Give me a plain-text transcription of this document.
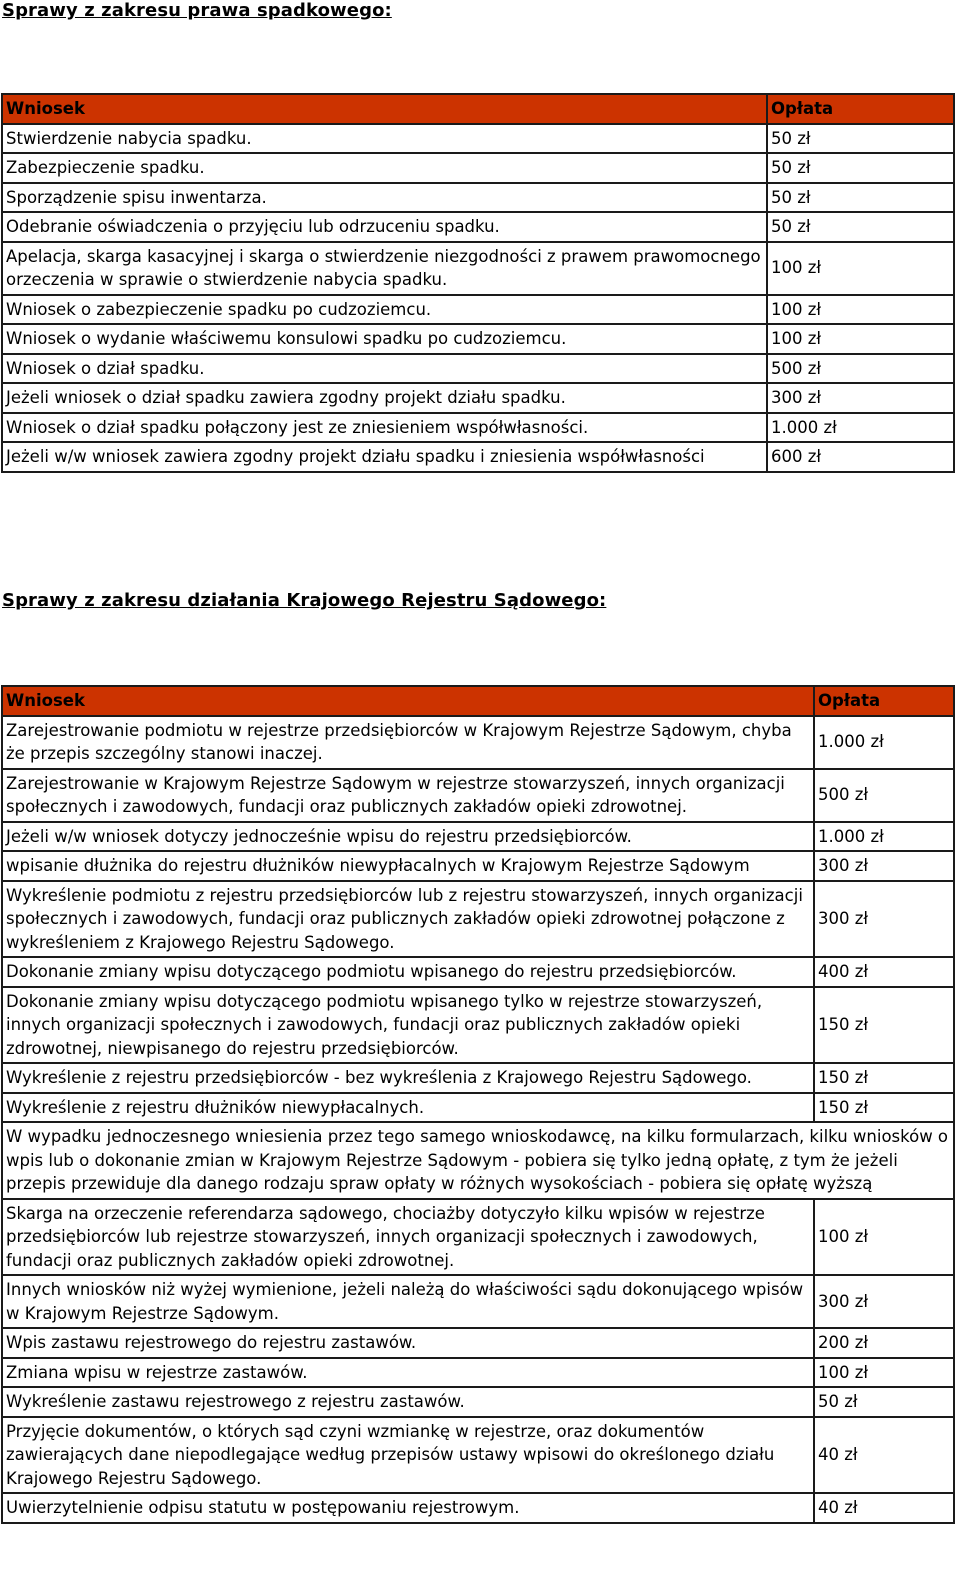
Sprawy z zakresu prawa spadkowego:
Wniosek	Opłata
Stwierdzenie nabycia spadku.	50 zł
Zabezpieczenie spadku.	50 zł
Sporządzenie spisu inwentarza.	50 zł
Odebranie oświadczenia o przyjęciu lub odrzuceniu spadku.	50 zł
Apelacja, skarga kasacyjnej i skarga o stwierdzenie niezgodności z prawem prawomocnego orzeczenia w sprawie o stwierdzenie nabycia spadku.	100 zł
Wniosek o zabezpieczenie spadku po cudzoziemcu.	100 zł
Wniosek o wydanie właściwemu konsulowi spadku po cudzoziemcu.	100 zł
Wniosek o dział spadku.	500 zł
Jeżeli wniosek o dział spadku zawiera zgodny projekt działu spadku.	300 zł
Wniosek o dział spadku połączony jest ze zniesieniem współwłasności.	1.000 zł
Jeżeli w/w wniosek zawiera zgodny projekt działu spadku i zniesienia współwłasności	600 zł
Sprawy z zakresu działania Krajowego Rejestru Sądowego:
Wniosek	Opłata
Zarejestrowanie podmiotu w rejestrze przedsiębiorców w Krajowym Rejestrze Sądowym, chyba że przepis szczególny stanowi inaczej.	1.000 zł
Zarejestrowanie w Krajowym Rejestrze Sądowym w rejestrze stowarzyszeń, innych organizacji społecznych i zawodowych, fundacji oraz publicznych zakładów opieki zdrowotnej.	500 zł
Jeżeli w/w wniosek dotyczy jednocześnie wpisu do rejestru przedsiębiorców.	1.000 zł
wpisanie dłużnika do rejestru dłużników niewypłacalnych w Krajowym Rejestrze Sądowym	300 zł
Wykreślenie podmiotu z rejestru przedsiębiorców lub z rejestru stowarzyszeń, innych organizacji społecznych i zawodowych, fundacji oraz publicznych zakładów opieki zdrowotnej połączone z wykreśleniem z Krajowego Rejestru Sądowego.	300 zł
Dokonanie zmiany wpisu dotyczącego podmiotu wpisanego do rejestru przedsiębiorców.	400 zł
Dokonanie zmiany wpisu dotyczącego podmiotu wpisanego tylko w rejestrze stowarzyszeń, innych organizacji społecznych i zawodowych, fundacji oraz publicznych zakładów opieki zdrowotnej, niewpisanego do rejestru przedsiębiorców.	150 zł
Wykreślenie z rejestru przedsiębiorców - bez wykreślenia z Krajowego Rejestru Sądowego.	150 zł
Wykreślenie z rejestru dłużników niewypłacalnych.	150 zł
W wypadku jednoczesnego wniesienia przez tego samego wnioskodawcę, na kilku formularzach, kilku wniosków o wpis lub o dokonanie zmian w Krajowym Rejestrze Sądowym - pobiera się tylko jedną opłatę, z tym że jeżeli przepis przewiduje dla danego rodzaju spraw opłaty w różnych wysokościach - pobiera się opłatę wyższą	
Skarga na orzeczenie referendarza sądowego, chociażby dotyczyło kilku wpisów w rejestrze przedsiębiorców lub rejestrze stowarzyszeń, innych organizacji społecznych i zawodowych, fundacji oraz publicznych zakładów opieki zdrowotnej.	100 zł
Innych wniosków niż wyżej wymienione, jeżeli należą do właściwości sądu dokonującego wpisów w Krajowym Rejestrze Sądowym.	300 zł
Wpis zastawu rejestrowego do rejestru zastawów.	200 zł
Zmiana wpisu w rejestrze zastawów.	100 zł
Wykreślenie zastawu rejestrowego z rejestru zastawów.	50 zł
Przyjęcie dokumentów, o których sąd czyni wzmiankę w rejestrze, oraz dokumentów zawierających dane niepodlegające według przepisów ustawy wpisowi do określonego działu Krajowego Rejestru Sądowego.	40 zł
Uwierzytelnienie odpisu statutu w postępowaniu rejestrowym.	40 zł
